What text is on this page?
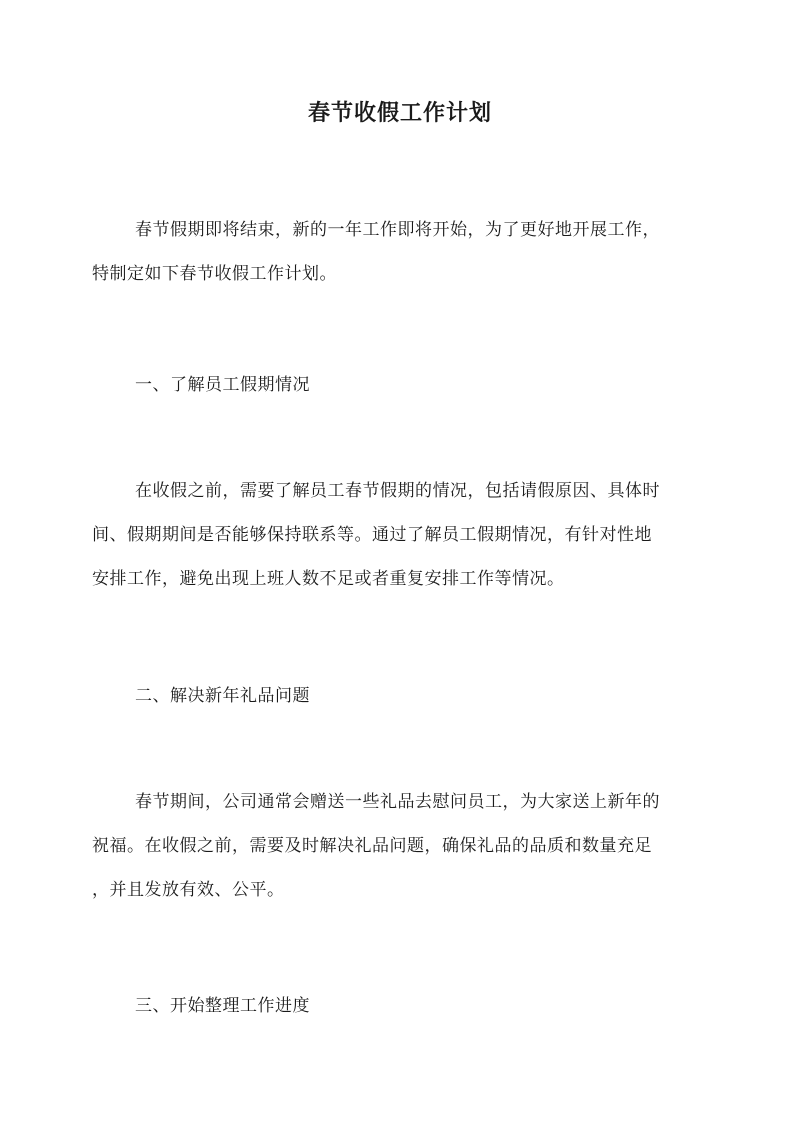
春节收假工作计划

春节假期即将结束，新的一年工作即将开始，为了更好地开展工作，
特制定如下春节收假工作计划。

一、了解员工假期情况

在收假之前，需要了解员工春节假期的情况，包括请假原因、具体时
间、假期期间是否能够保持联系等。通过了解员工假期情况，有针对性地
安排工作，避免出现上班人数不足或者重复安排工作等情况。

二、解决新年礼品问题

春节期间，公司通常会赠送一些礼品去慰问员工，为大家送上新年的
祝福。在收假之前，需要及时解决礼品问题，确保礼品的品质和数量充足
，并且发放有效、公平。

三、开始整理工作进度
